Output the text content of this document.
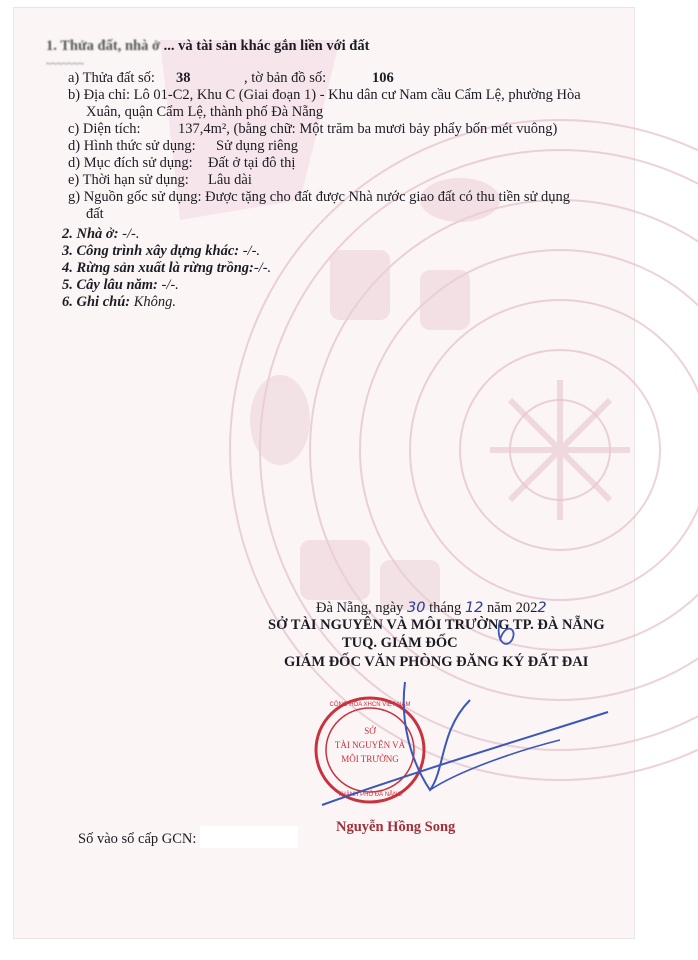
1. Thửa đất, nhà ở ... và tài sản khác gắn liền với đất
~~~~~~~
a) Thửa đất số: 38	, tờ bản đồ số:	106
b) Địa chỉ: Lô 01-C2, Khu C (Giai đoạn 1) - Khu dân cư Nam cầu Cẩm Lệ, phường Hòa
Xuân, quận Cẩm Lệ, thành phố Đà Nẵng
c) Diện tích:	137,4m², (bằng chữ: Một trăm ba mươi bảy phẩy bốn mét vuông)
d) Hình thức sử dụng: Sử dụng riêng
d) Mục đích sử dụng: Đất ở tại đô thị
e) Thời hạn sử dụng: Lâu dài
g) Nguồn gốc sử dụng: Được tặng cho đất được Nhà nước giao đất có thu tiền sử dụng
đất
2. Nhà ở: -/-.
3. Công trình xây dựng khác: -/-.
4. Rừng sản xuất là rừng trồng:-/-.
5. Cây lâu năm: -/-.
6. Ghi chú: Không.
Đà Nẵng, ngày 30 tháng 12 năm 2022
SỞ TÀI NGUYÊN VÀ MÔI TRƯỜNG TP. ĐÀ NẴNG
TUQ. GIÁM ĐỐC
GIÁM ĐỐC VĂN PHÒNG ĐĂNG KÝ ĐẤT ĐAI
SỞ
TÀI NGUYÊN VÀ
MÔI TRƯỜNG
CỘNG HÒA XHCN VIỆT NAM
THÀNH PHỐ ĐÀ NẴNG
Nguyễn Hồng Song
Số vào sổ cấp GCN:
